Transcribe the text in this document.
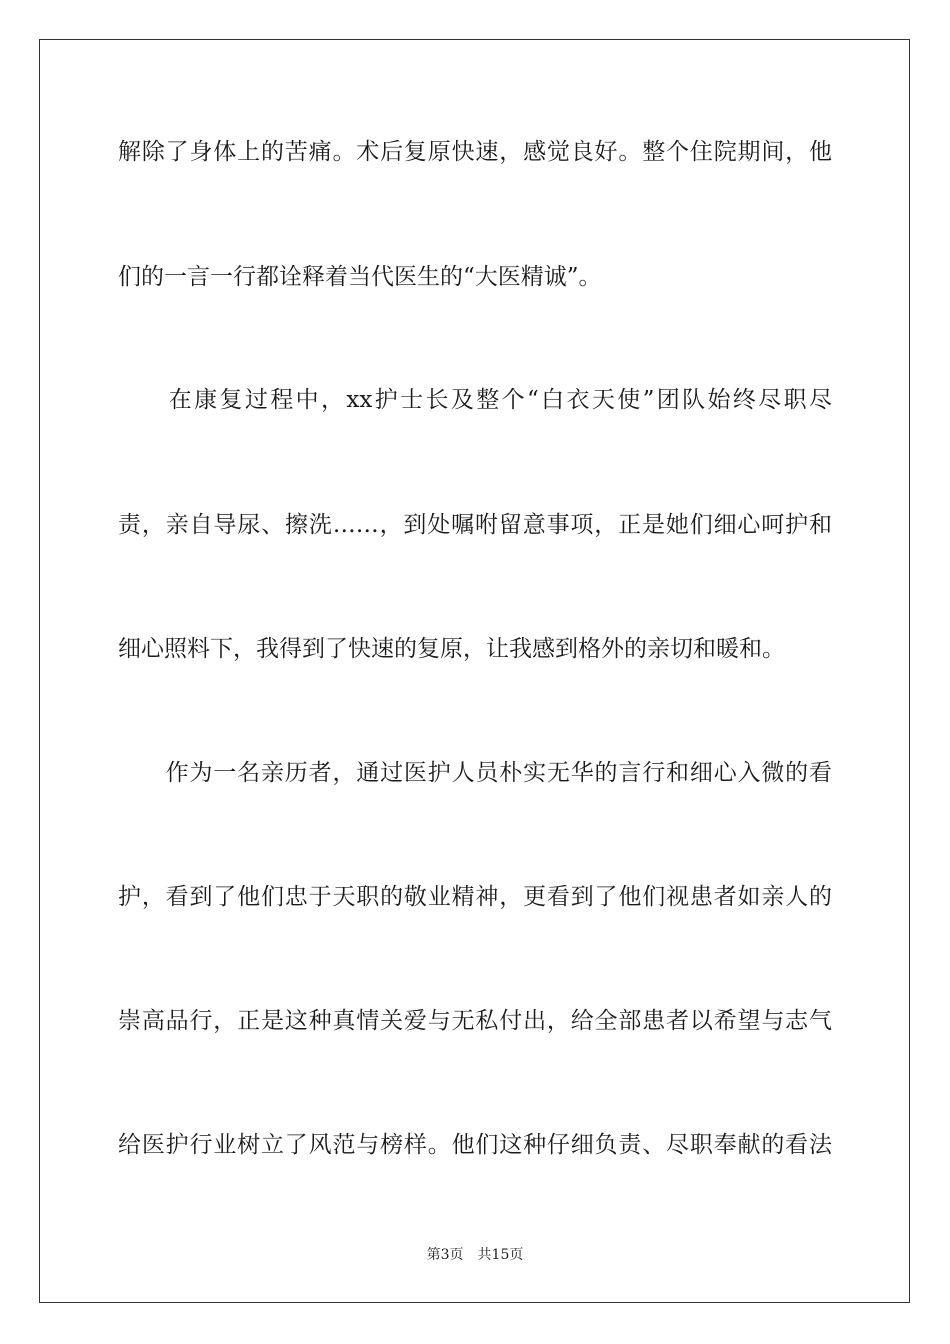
解除了身体上的苦痛。术后复原快速，感觉良好。整个住院期间，他
们的一言一行都诠释着当代医生的“大医精诚”。
　　在康复过程中，xx护士长及整个“白衣天使”团队始终尽职尽
责，亲自导尿、擦洗……，到处嘱咐留意事项，正是她们细心呵护和
细心照料下，我得到了快速的复原，让我感到格外的亲切和暖和。
　　作为一名亲历者，通过医护人员朴实无华的言行和细心入微的看
护，看到了他们忠于天职的敬业精神，更看到了他们视患者如亲人的
崇高品行，正是这种真情关爱与无私付出，给全部患者以希望与志气
给医护行业树立了风范与榜样。他们这种仔细负责、尽职奉献的看法
第3页　共15页
